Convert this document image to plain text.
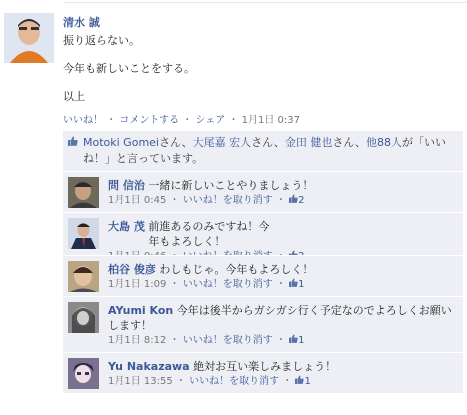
清水 誠

振り返らない。

今年も新しいことをする。

以上

いいね！ ・ コメントする ・ シェア ・ 1月1日 0:37
Motoki Gomeiさん、大尾嘉 宏人さん、金田 健也さん、他88人が「いいね！」と言っています。
問 信治 一緒に新しいことやりましょう！
1月1日 0:45 ・ いいね！を取り消す ・ 2
大島 茂 前進あるのみですね！今年もよろしく！
柏谷 俊彦 わしもじゃ。今年もよろしく！
1月1日 1:09 ・ いいね！を取り消す ・ 1
AYumi Kon 今年は後半からガシガシ行く予定なのでよろしくお願いします！
1月1日 8:12 ・ いいね！を取り消す ・ 1
Yu Nakazawa 絶対お互い楽しみましょう！
1月1日 13:55 ・ いいね！を取り消す ・ 1
